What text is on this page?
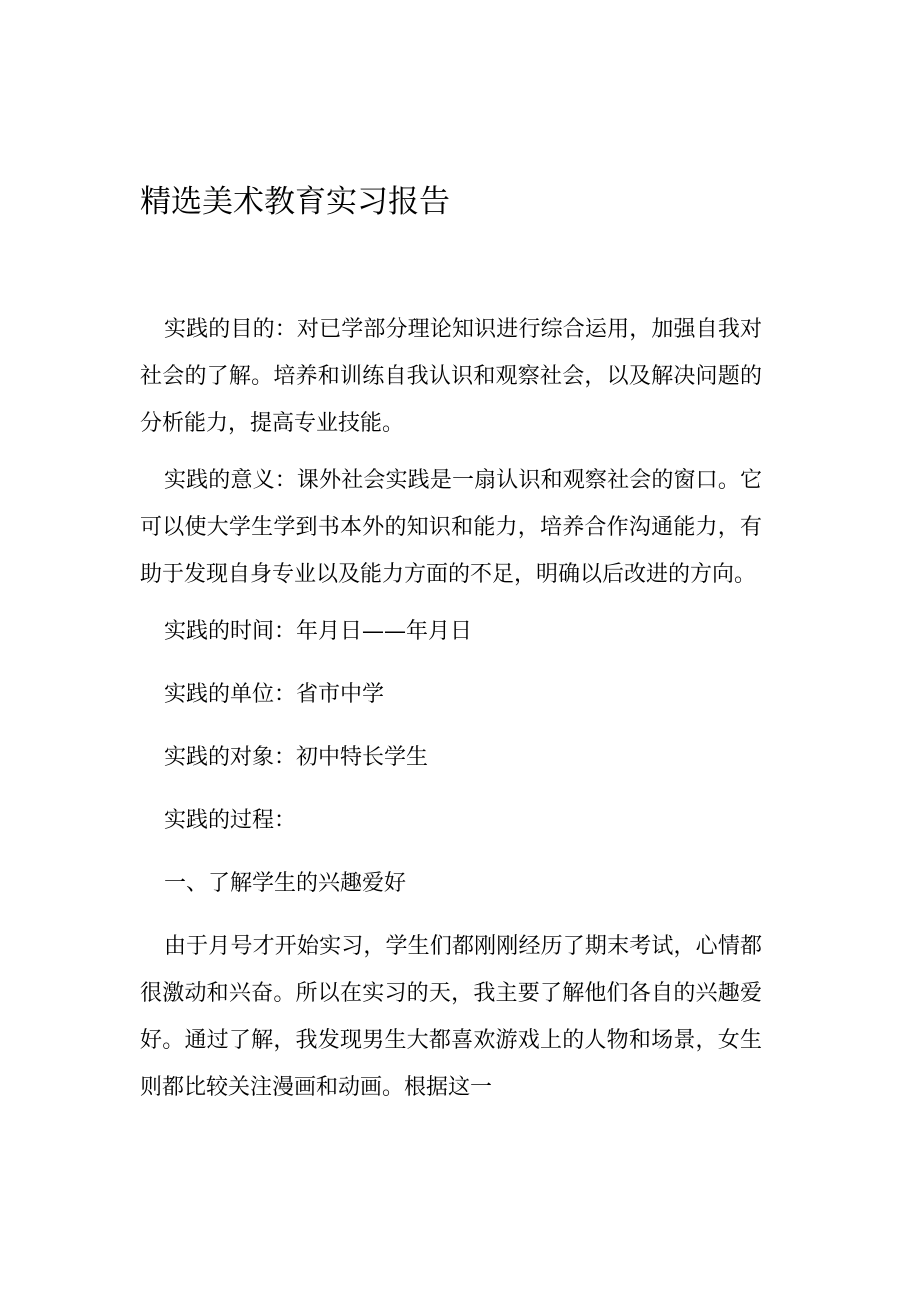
精选美术教育实习报告

实践的目的：对已学部分理论知识进行综合运用，加强自我对社会的了解。培养和训练自我认识和观察社会，以及解决问题的分析能力，提高专业技能。

实践的意义：课外社会实践是一扇认识和观察社会的窗口。它可以使大学生学到书本外的知识和能力，培养合作沟通能力，有助于发现自身专业以及能力方面的不足，明确以后改进的方向。

实践的时间：年月日——年月日

实践的单位：省市中学

实践的对象：初中特长学生

实践的过程：

一、了解学生的兴趣爱好

由于月号才开始实习，学生们都刚刚经历了期末考试，心情都很激动和兴奋。所以在实习的天，我主要了解他们各自的兴趣爱好。通过了解，我发现男生大都喜欢游戏上的人物和场景，女生则都比较关注漫画和动画。根据这一
